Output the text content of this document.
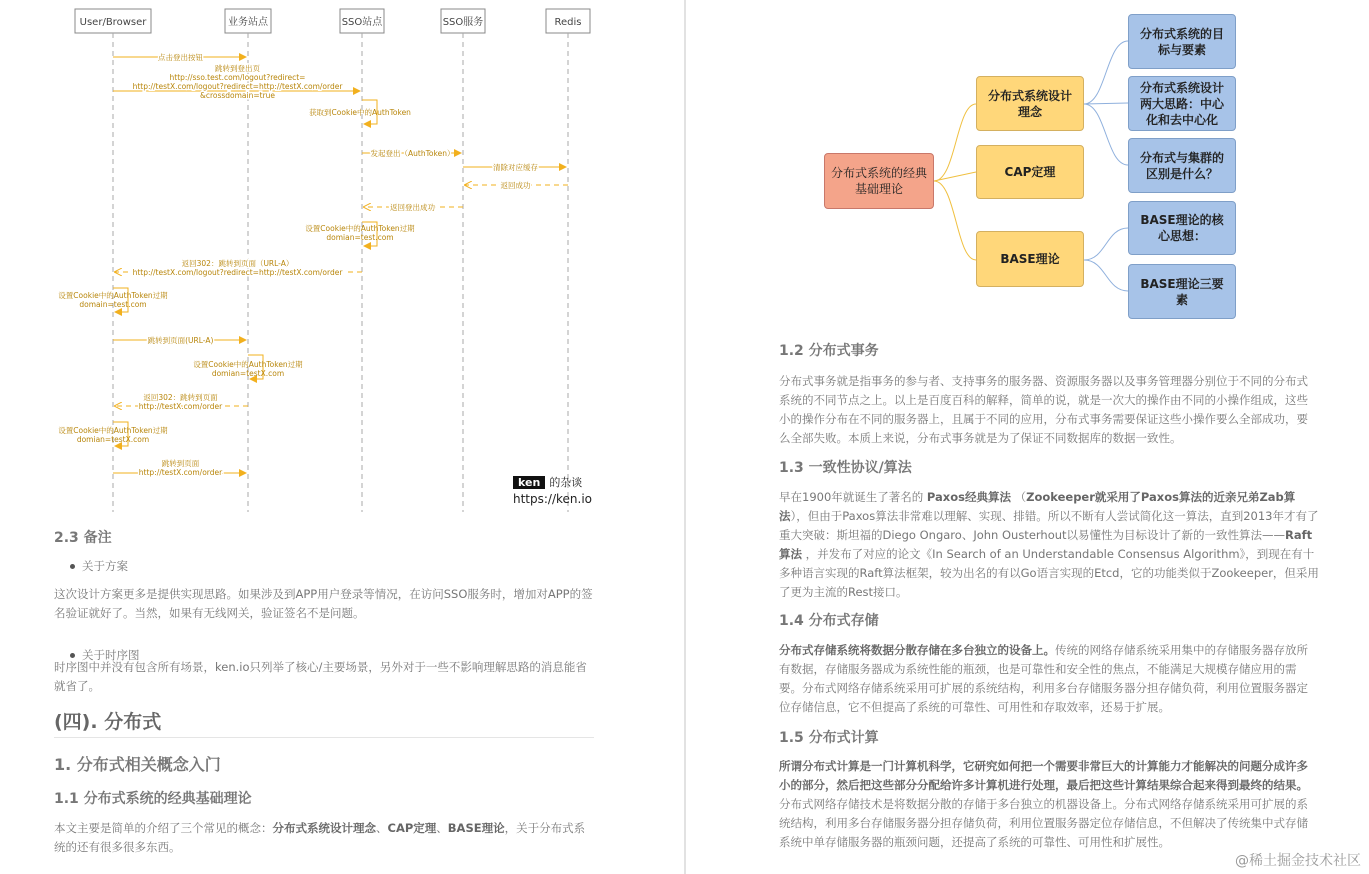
User/Browser	业务站点	SSO站点	SSO服务	Redis
点击登出按钮
跳转到登出页
http://sso.test.com/logout?redirect=
http://testX.com/logout?redirect=http://testX.com/order
&crossdomain=true
获取到Cookie中的AuthToken
发起登出（AuthToken）
清除对应缓存
返回成功
返回登出成功
设置Cookie中的AuthToken过期
domian=test.com
返回302：跳转到页面（URL-A）
http://testX.com/logout?redirect=http://testX.com/order
设置Cookie中的AuthToken过期
domain=test.com
跳转到页面(URL-A)
设置Cookie中的AuthToken过期
domian=testX.com
返回302：跳转到页面
http://testX.com/order
设置Cookie中的AuthToken过期
domian=testX.com
跳转到页面
http://testX.com/order
ken 的杂谈
https://ken.io
2.3 备注
关于方案
这次设计方案更多是提供实现思路。如果涉及到APP用户登录等情况，在访问SSO服务时，增加对APP的签名验证就好了。当然，如果有无线网关，验证签名不是问题。
关于时序图
时序图中并没有包含所有场景，ken.io只列举了核心/主要场景，另外对于一些不影响理解思路的消息能省就省了。
(四). 分布式
1. 分布式相关概念入门
1.1 分布式系统的经典基础理论
本文主要是简单的介绍了三个常见的概念：分布式系统设计理念、CAP定理、BASE理论，关于分布式系统的还有很多很多东西。
分布式系统的经典基础理论
分布式系统设计理念
CAP定理
BASE理论
分布式系统的目标与要素
分布式系统设计两大思路：中心化和去中心化
分布式与集群的区别是什么？
BASE理论的核心思想：
BASE理论三要素
1.2 分布式事务
分布式事务就是指事务的参与者、支持事务的服务器、资源服务器以及事务管理器分别位于不同的分布式系统的不同节点之上。以上是百度百科的解释，简单的说，就是一次大的操作由不同的小操作组成，这些小的操作分布在不同的服务器上，且属于不同的应用，分布式事务需要保证这些小操作要么全部成功，要么全部失败。本质上来说，分布式事务就是为了保证不同数据库的数据一致性。
1.3 一致性协议/算法
早在1900年就诞生了著名的 Paxos经典算法 （Zookeeper就采用了Paxos算法的近亲兄弟Zab算法），但由于Paxos算法非常难以理解、实现、排错。所以不断有人尝试简化这一算法，直到2013年才有了重大突破：斯坦福的Diego Ongaro、John Ousterhout以易懂性为目标设计了新的一致性算法——Raft算法 ，并发布了对应的论文《In Search of an Understandable Consensus Algorithm》，到现在有十多种语言实现的Raft算法框架，较为出名的有以Go语言实现的Etcd，它的功能类似于Zookeeper，但采用了更为主流的Rest接口。
1.4 分布式存储
分布式存储系统将数据分散存储在多台独立的设备上。传统的网络存储系统采用集中的存储服务器存放所有数据，存储服务器成为系统性能的瓶颈，也是可靠性和安全性的焦点，不能满足大规模存储应用的需要。分布式网络存储系统采用可扩展的系统结构，利用多台存储服务器分担存储负荷，利用位置服务器定位存储信息，它不但提高了系统的可靠性、可用性和存取效率，还易于扩展。
1.5 分布式计算
所谓分布式计算是一门计算机科学，它研究如何把一个需要非常巨大的计算能力才能解决的问题分成许多小的部分，然后把这些部分分配给许多计算机进行处理，最后把这些计算结果综合起来得到最终的结果。
分布式网络存储技术是将数据分散的存储于多台独立的机器设备上。分布式网络存储系统采用可扩展的系统结构，利用多台存储服务器分担存储负荷，利用位置服务器定位存储信息，不但解决了传统集中式存储系统中单存储服务器的瓶颈问题，还提高了系统的可靠性、可用性和扩展性。
@稀土掘金技术社区
